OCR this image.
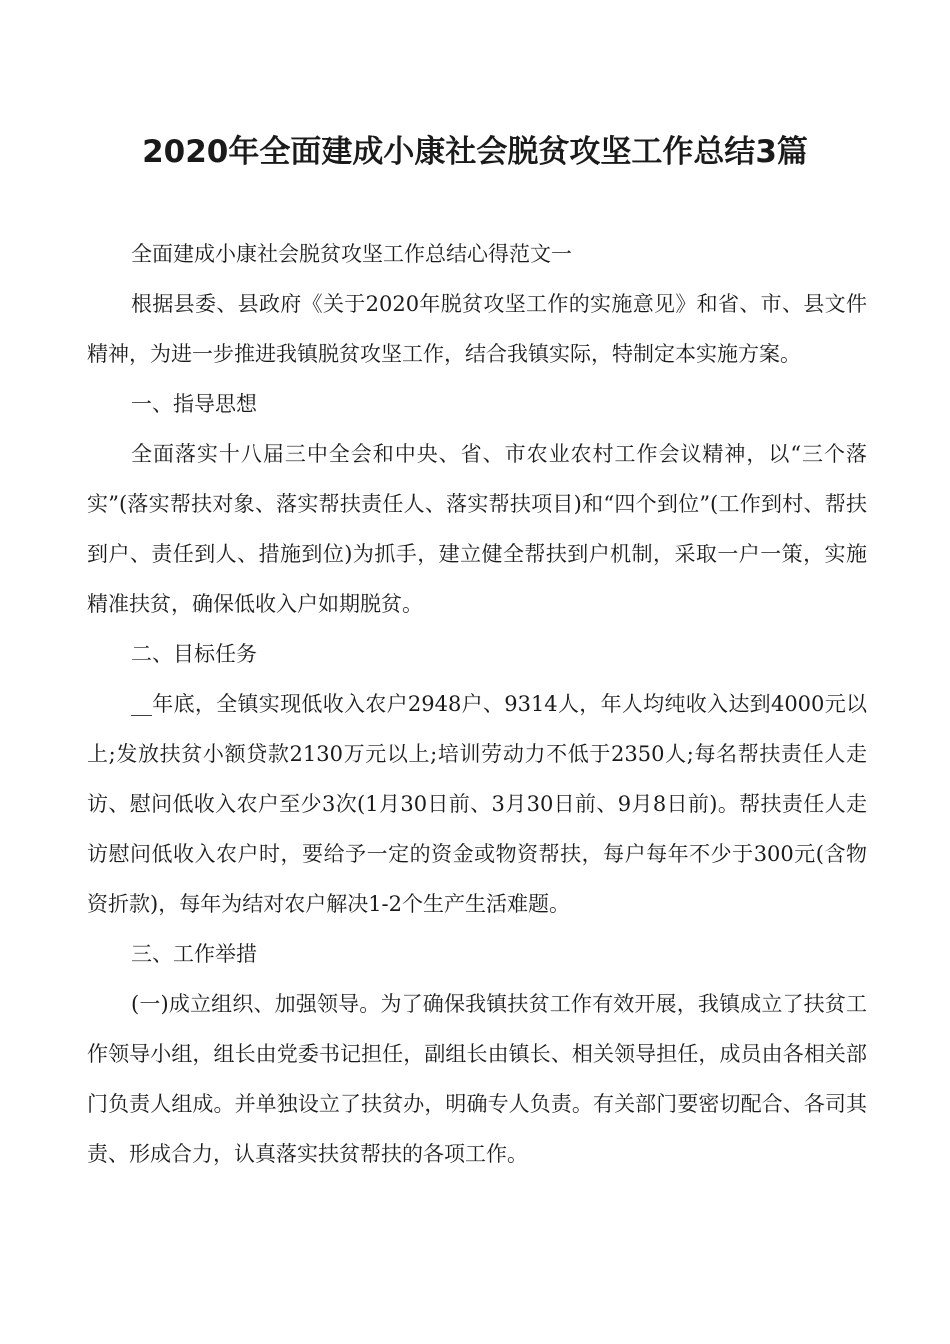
2020年全面建成小康社会脱贫攻坚工作总结3篇

全面建成小康社会脱贫攻坚工作总结心得范文一

根据县委、县政府《关于2020年脱贫攻坚工作的实施意见》和省、市、县文件精神，为进一步推进我镇脱贫攻坚工作，结合我镇实际，特制定本实施方案。

一、指导思想

全面落实十八届三中全会和中央、省、市农业农村工作会议精神，以“三个落实”(落实帮扶对象、落实帮扶责任人、落实帮扶项目)和“四个到位”(工作到村、帮扶到户、责任到人、措施到位)为抓手，建立健全帮扶到户机制，采取一户一策，实施精准扶贫，确保低收入户如期脱贫。

二、目标任务

__年底，全镇实现低收入农户2948户、9314人，年人均纯收入达到4000元以上;发放扶贫小额贷款2130万元以上;培训劳动力不低于2350人;每名帮扶责任人走访、慰问低收入农户至少3次(1月30日前、3月30日前、9月8日前)。帮扶责任人走访慰问低收入农户时，要给予一定的资金或物资帮扶，每户每年不少于300元(含物资折款)，每年为结对农户解决1-2个生产生活难题。

三、工作举措

(一)成立组织、加强领导。为了确保我镇扶贫工作有效开展，我镇成立了扶贫工作领导小组，组长由党委书记担任，副组长由镇长、相关领导担任，成员由各相关部门负责人组成。并单独设立了扶贫办，明确专人负责。有关部门要密切配合、各司其责、形成合力，认真落实扶贫帮扶的各项工作。
